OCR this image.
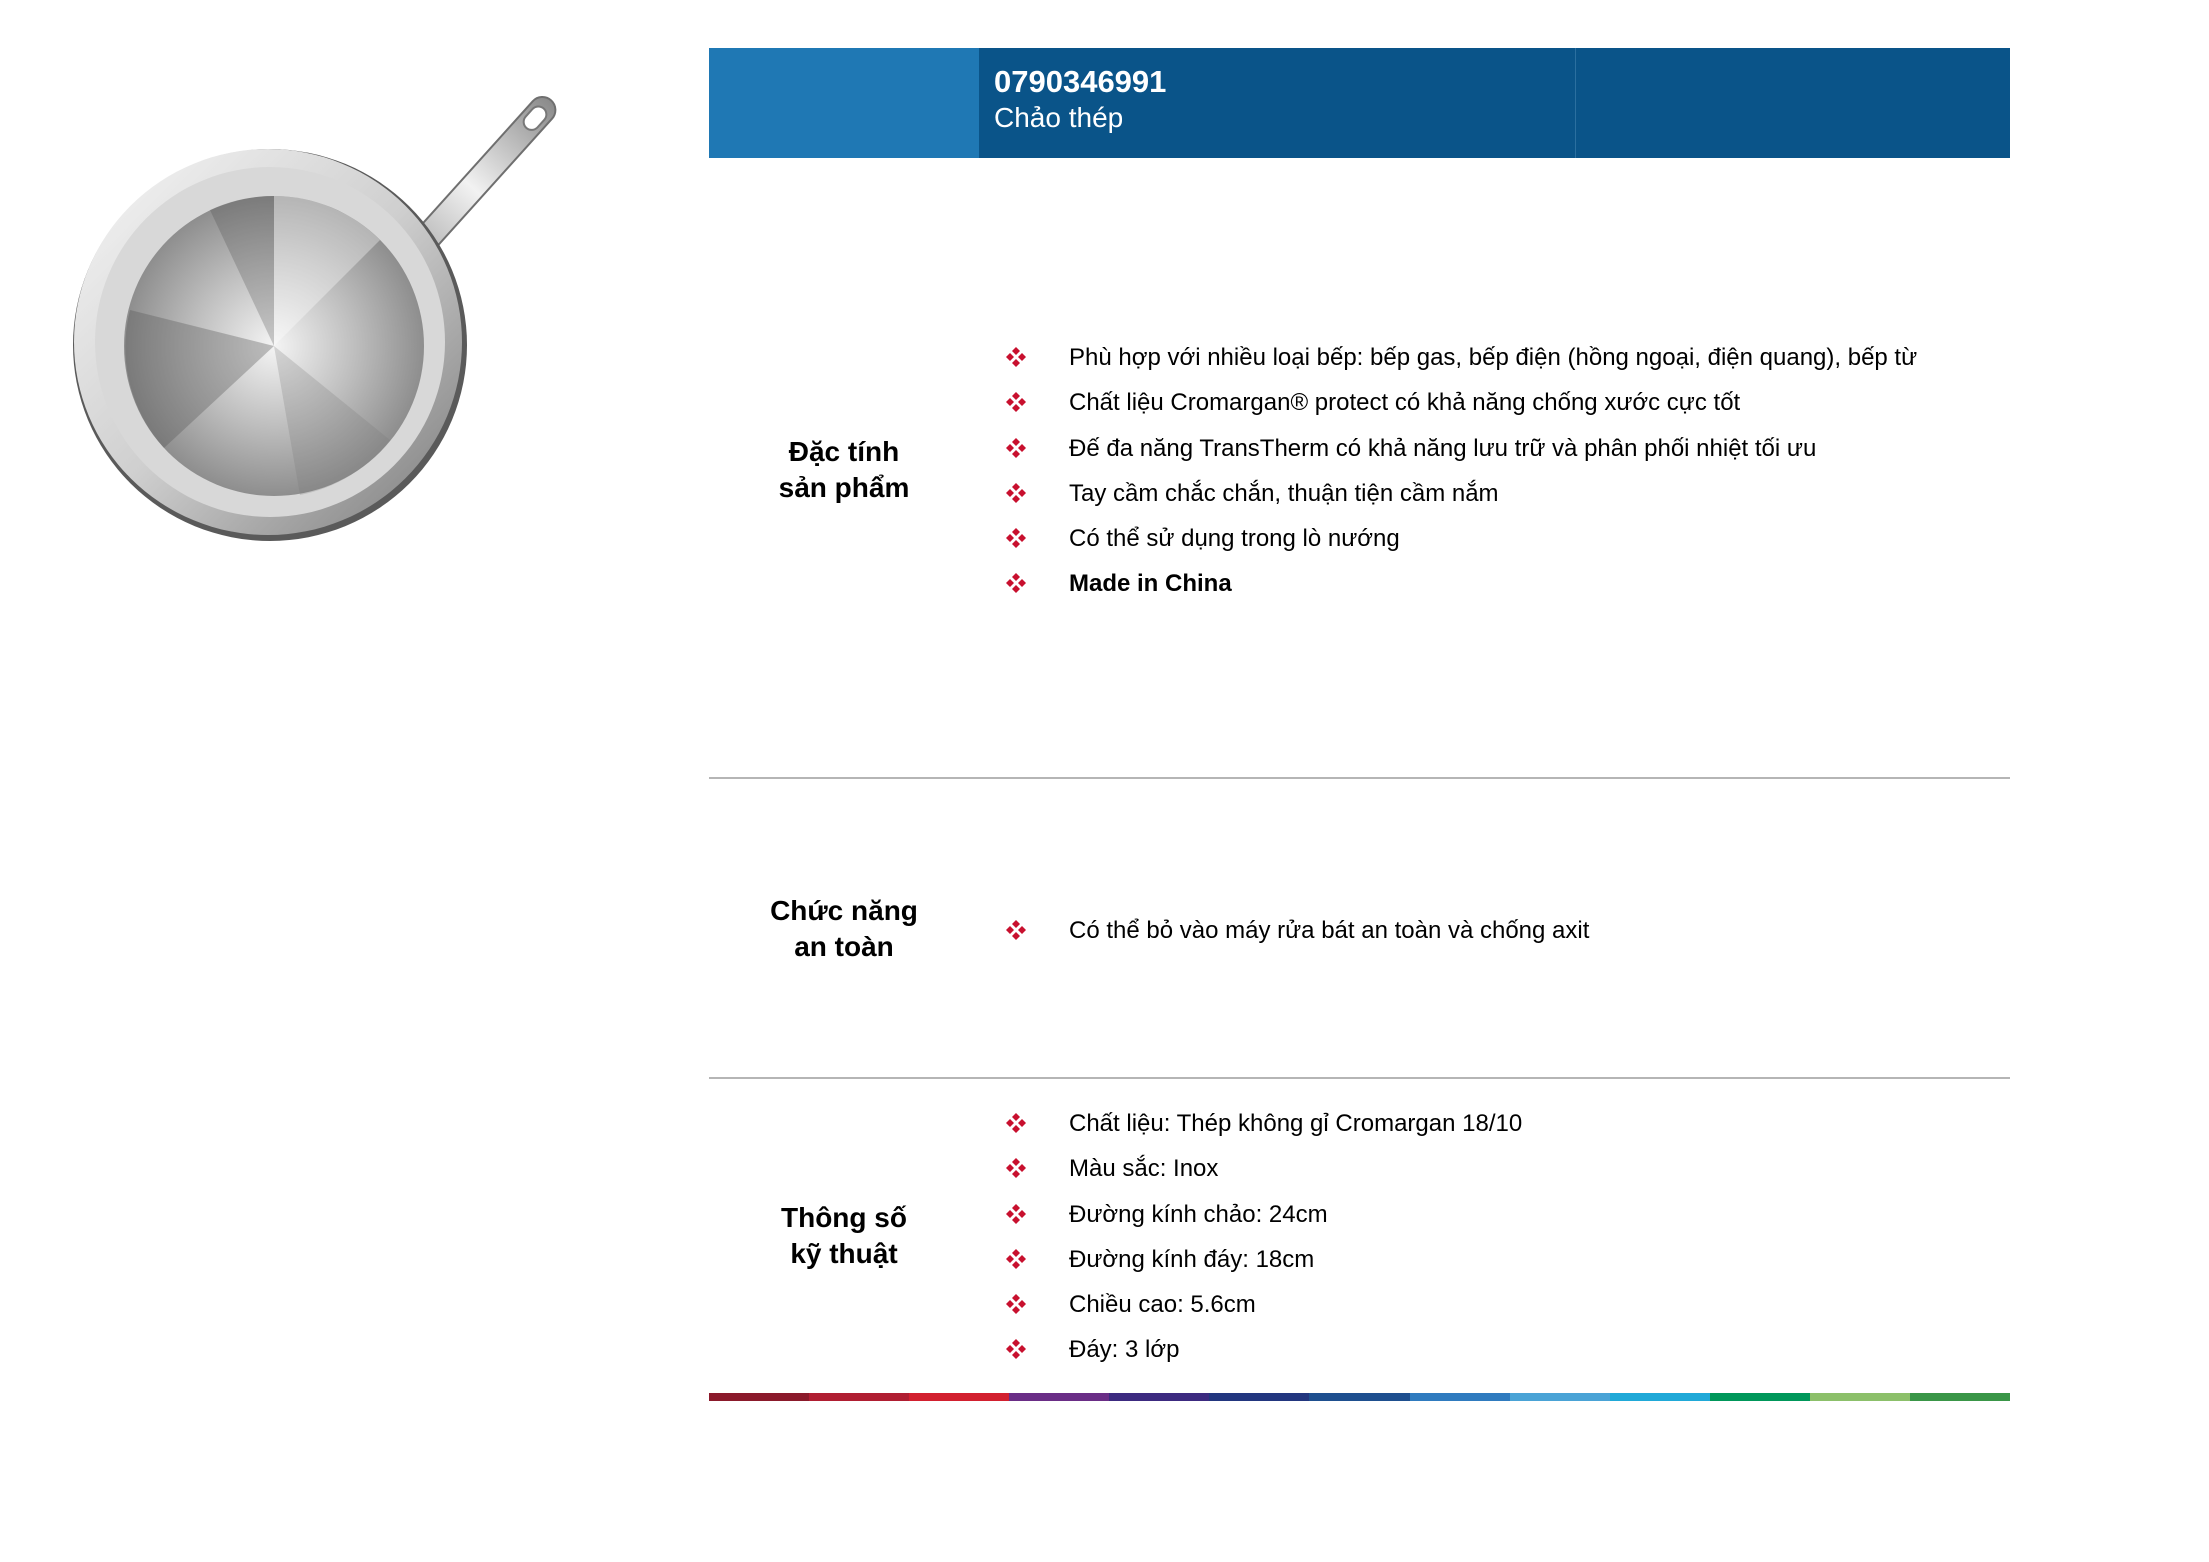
0790346991
Chảo thép
Đặc tính
sản phẩm
Phù hợp với nhiều loại bếp: bếp gas, bếp điện (hồng ngoại, điện quang), bếp từ
Chất liệu Cromargan® protect có khả năng chống xước cực tốt
Đế đa năng TransTherm có khả năng lưu trữ và phân phối nhiệt tối ưu
Tay cầm chắc chắn, thuận tiện cầm nắm
Có thể sử dụng trong lò nướng
Made in China
Chức năng
an toàn
Có thể bỏ vào máy rửa bát an toàn và chống axit
Thông số
kỹ thuật
Chất liệu: Thép không gỉ Cromargan 18/10
Màu sắc: Inox
Đường kính chảo: 24cm
Đường kính đáy: 18cm
Chiều cao: 5.6cm
Đáy: 3 lớp
